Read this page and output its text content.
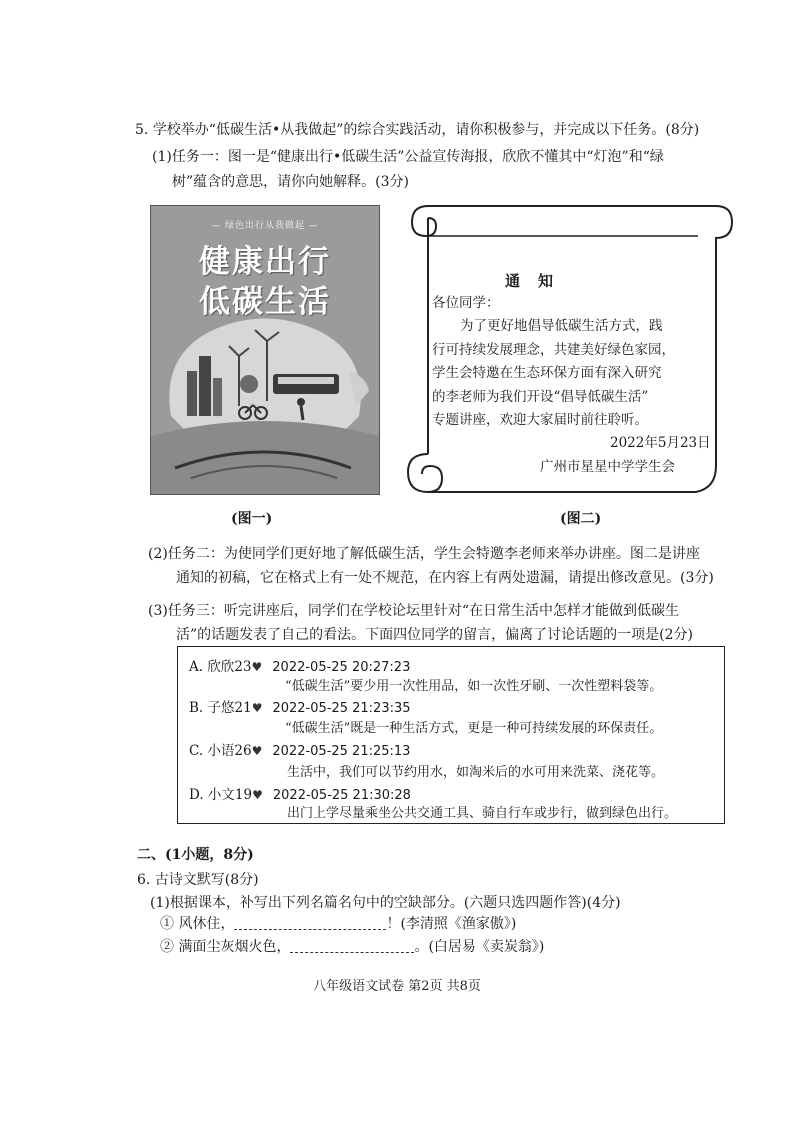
5. 学校举办“低碳生活•从我做起”的综合实践活动，请你积极参与，并完成以下任务。(8分)
(1)任务一：图一是“健康出行•低碳生活”公益宣传海报，欣欣不懂其中“灯泡”和“绿
树”蕴含的意思，请你向她解释。(3分)
— 绿色出行从我做起 —
健康出行
低碳生活
通知
各位同学：
为了更好地倡导低碳生活方式，践
行可持续发展理念，共建美好绿色家园，
学生会特邀在生态环保方面有深入研究
的李老师为我们开设“倡导低碳生活”
专题讲座，欢迎大家届时前往聆听。
2022年5月23日
广州市星星中学学生会
(图一)	(图二)
(2)任务二：为使同学们更好地了解低碳生活，学生会特邀李老师来举办讲座。图二是讲座
通知的初稿，它在格式上有一处不规范，在内容上有两处遗漏，请提出修改意见。(3分)
(3)任务三：听完讲座后，同学们在学校论坛里针对“在日常生活中怎样才能做到低碳生
活”的话题发表了自己的看法。下面四位同学的留言，偏离了讨论话题的一项是(2分)
A. 欣欣23♥ 2022-05-25 20:27:23
“低碳生活”要少用一次性用品，如一次性牙刷、一次性塑料袋等。
B. 子悠21♥ 2022-05-25 21:23:35
“低碳生活”既是一种生活方式，更是一种可持续发展的环保责任。
C. 小语26♥ 2022-05-25 21:25:13
生活中，我们可以节约用水，如淘米后的水可用来洗菜、浇花等。
D. 小文19♥ 2022-05-25 21:30:28
出门上学尽量乘坐公共交通工具、骑自行车或步行，做到绿色出行。
二、(1小题，8分)
6. 古诗文默写(8分)
(1)根据课本，补写出下列名篇名句中的空缺部分。(六题只选四题作答)(4分)
① 风休住，	！(李清照《渔家傲》)
② 满面尘灰烟火色，	。(白居易《卖炭翁》)
八年级语文试卷 第2页 共8页
